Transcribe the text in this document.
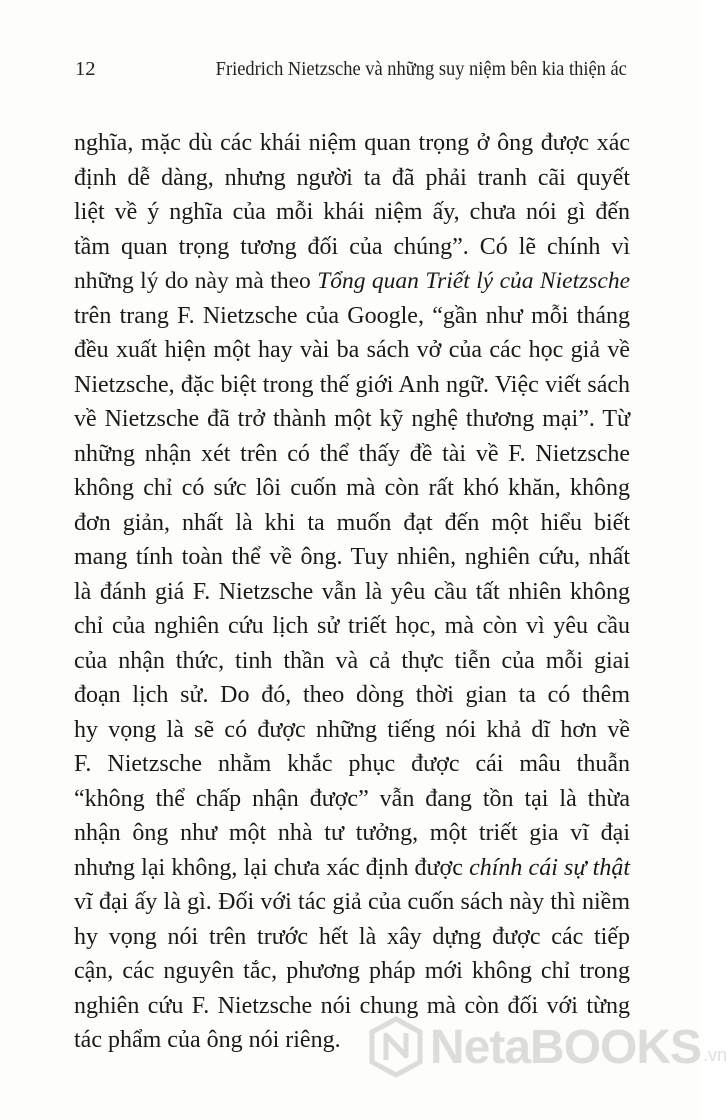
12	Friedrich Nietzsche và những suy niệm bên kia thiện ác
nghĩa, mặc dù các khái niệm quan trọng ở ông được xác
định dễ dàng, nhưng người ta đã phải tranh cãi quyết
liệt về ý nghĩa của mỗi khái niệm ấy, chưa nói gì đến
tầm quan trọng tương đối của chúng”. Có lẽ chính vì
những lý do này mà theo Tổng quan Triết lý của Nietzsche
trên trang F. Nietzsche của Google, “gần như mỗi tháng
đều xuất hiện một hay vài ba sách vở của các học giả về
Nietzsche, đặc biệt trong thế giới Anh ngữ. Việc viết sách
về Nietzsche đã trở thành một kỹ nghệ thương mại”. Từ
những nhận xét trên có thể thấy đề tài về F. Nietzsche
không chỉ có sức lôi cuốn mà còn rất khó khăn, không
đơn giản, nhất là khi ta muốn đạt đến một hiểu biết
mang tính toàn thể về ông. Tuy nhiên, nghiên cứu, nhất
là đánh giá F. Nietzsche vẫn là yêu cầu tất nhiên không
chỉ của nghiên cứu lịch sử triết học, mà còn vì yêu cầu
của nhận thức, tinh thần và cả thực tiễn của mỗi giai
đoạn lịch sử. Do đó, theo dòng thời gian ta có thêm
hy vọng là sẽ có được những tiếng nói khả dĩ hơn về
F. Nietzsche nhằm khắc phục được cái mâu thuẫn
“không thể chấp nhận được” vẫn đang tồn tại là thừa
nhận ông như một nhà tư tưởng, một triết gia vĩ đại
nhưng lại không, lại chưa xác định được chính cái sự thật
vĩ đại ấy là gì. Đối với tác giả của cuốn sách này thì niềm
hy vọng nói trên trước hết là xây dựng được các tiếp
cận, các nguyên tắc, phương pháp mới không chỉ trong
nghiên cứu F. Nietzsche nói chung mà còn đối với từng
tác phẩm của ông nói riêng.	NetaBOOKS .vn
